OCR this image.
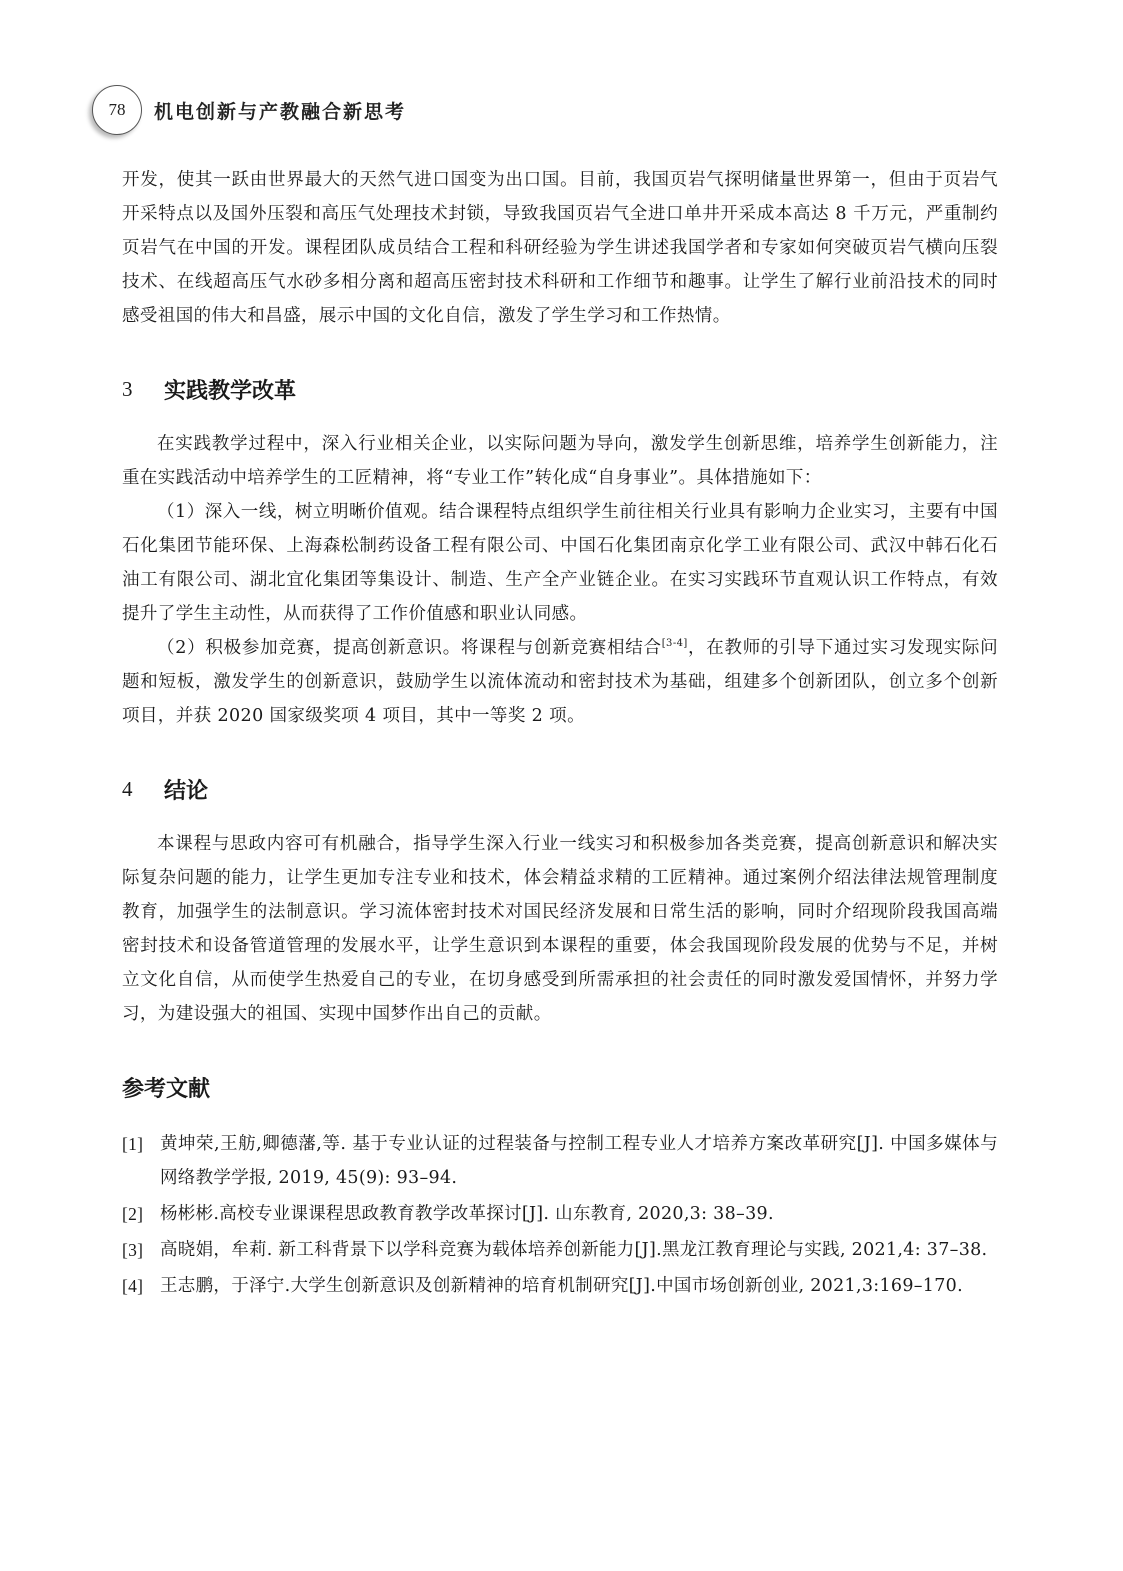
78	机电创新与产教融合新思考

开发，使其一跃由世界最大的天然气进口国变为出口国。目前，我国页岩气探明储量世界第一，但由于页岩气开采特点以及国外压裂和高压气处理技术封锁，导致我国页岩气全进口单井开采成本高达 8 千万元，严重制约页岩气在中国的开发。课程团队成员结合工程和科研经验为学生讲述我国学者和专家如何突破页岩气横向压裂技术、在线超高压气水砂多相分离和超高压密封技术科研和工作细节和趣事。让学生了解行业前沿技术的同时感受祖国的伟大和昌盛，展示中国的文化自信，激发了学生学习和工作热情。

3	实践教学改革

在实践教学过程中，深入行业相关企业，以实际问题为导向，激发学生创新思维，培养学生创新能力，注重在实践活动中培养学生的工匠精神，将“专业工作”转化成“自身事业”。具体措施如下：

（1）深入一线，树立明晰价值观。结合课程特点组织学生前往相关行业具有影响力企业实习，主要有中国石化集团节能环保、上海森松制药设备工程有限公司、中国石化集团南京化学工业有限公司、武汉中韩石化石油工有限公司、湖北宜化集团等集设计、制造、生产全产业链企业。在实习实践环节直观认识工作特点，有效提升了学生主动性，从而获得了工作价值感和职业认同感。

（2）积极参加竞赛，提高创新意识。将课程与创新竞赛相结合[3-4]，在教师的引导下通过实习发现实际问题和短板，激发学生的创新意识，鼓励学生以流体流动和密封技术为基础，组建多个创新团队，创立多个创新项目，并获 2020 国家级奖项 4 项目，其中一等奖 2 项。

4	结论

本课程与思政内容可有机融合，指导学生深入行业一线实习和积极参加各类竞赛，提高创新意识和解决实际复杂问题的能力，让学生更加专注专业和技术，体会精益求精的工匠精神。通过案例介绍法律法规管理制度教育，加强学生的法制意识。学习流体密封技术对国民经济发展和日常生活的影响，同时介绍现阶段我国高端密封技术和设备管道管理的发展水平，让学生意识到本课程的重要，体会我国现阶段发展的优势与不足，并树立文化自信，从而使学生热爱自己的专业，在切身感受到所需承担的社会责任的同时激发爱国情怀，并努力学习，为建设强大的祖国、实现中国梦作出自己的贡献。

参考文献
[1] 黄坤荣,王舫,卿德藩,等. 基于专业认证的过程装备与控制工程专业人才培养方案改革研究[J]. 中国多媒体与网络教学学报, 2019, 45(9): 93–94.
[2] 杨彬彬.高校专业课课程思政教育教学改革探讨[J]. 山东教育, 2020,3: 38–39.
[3] 高晓娟，牟莉. 新工科背景下以学科竞赛为载体培养创新能力[J].黑龙江教育理论与实践, 2021,4: 37–38.
[4] 王志鹏，于泽宁.大学生创新意识及创新精神的培育机制研究[J].中国市场创新创业, 2021,3:169–170.
